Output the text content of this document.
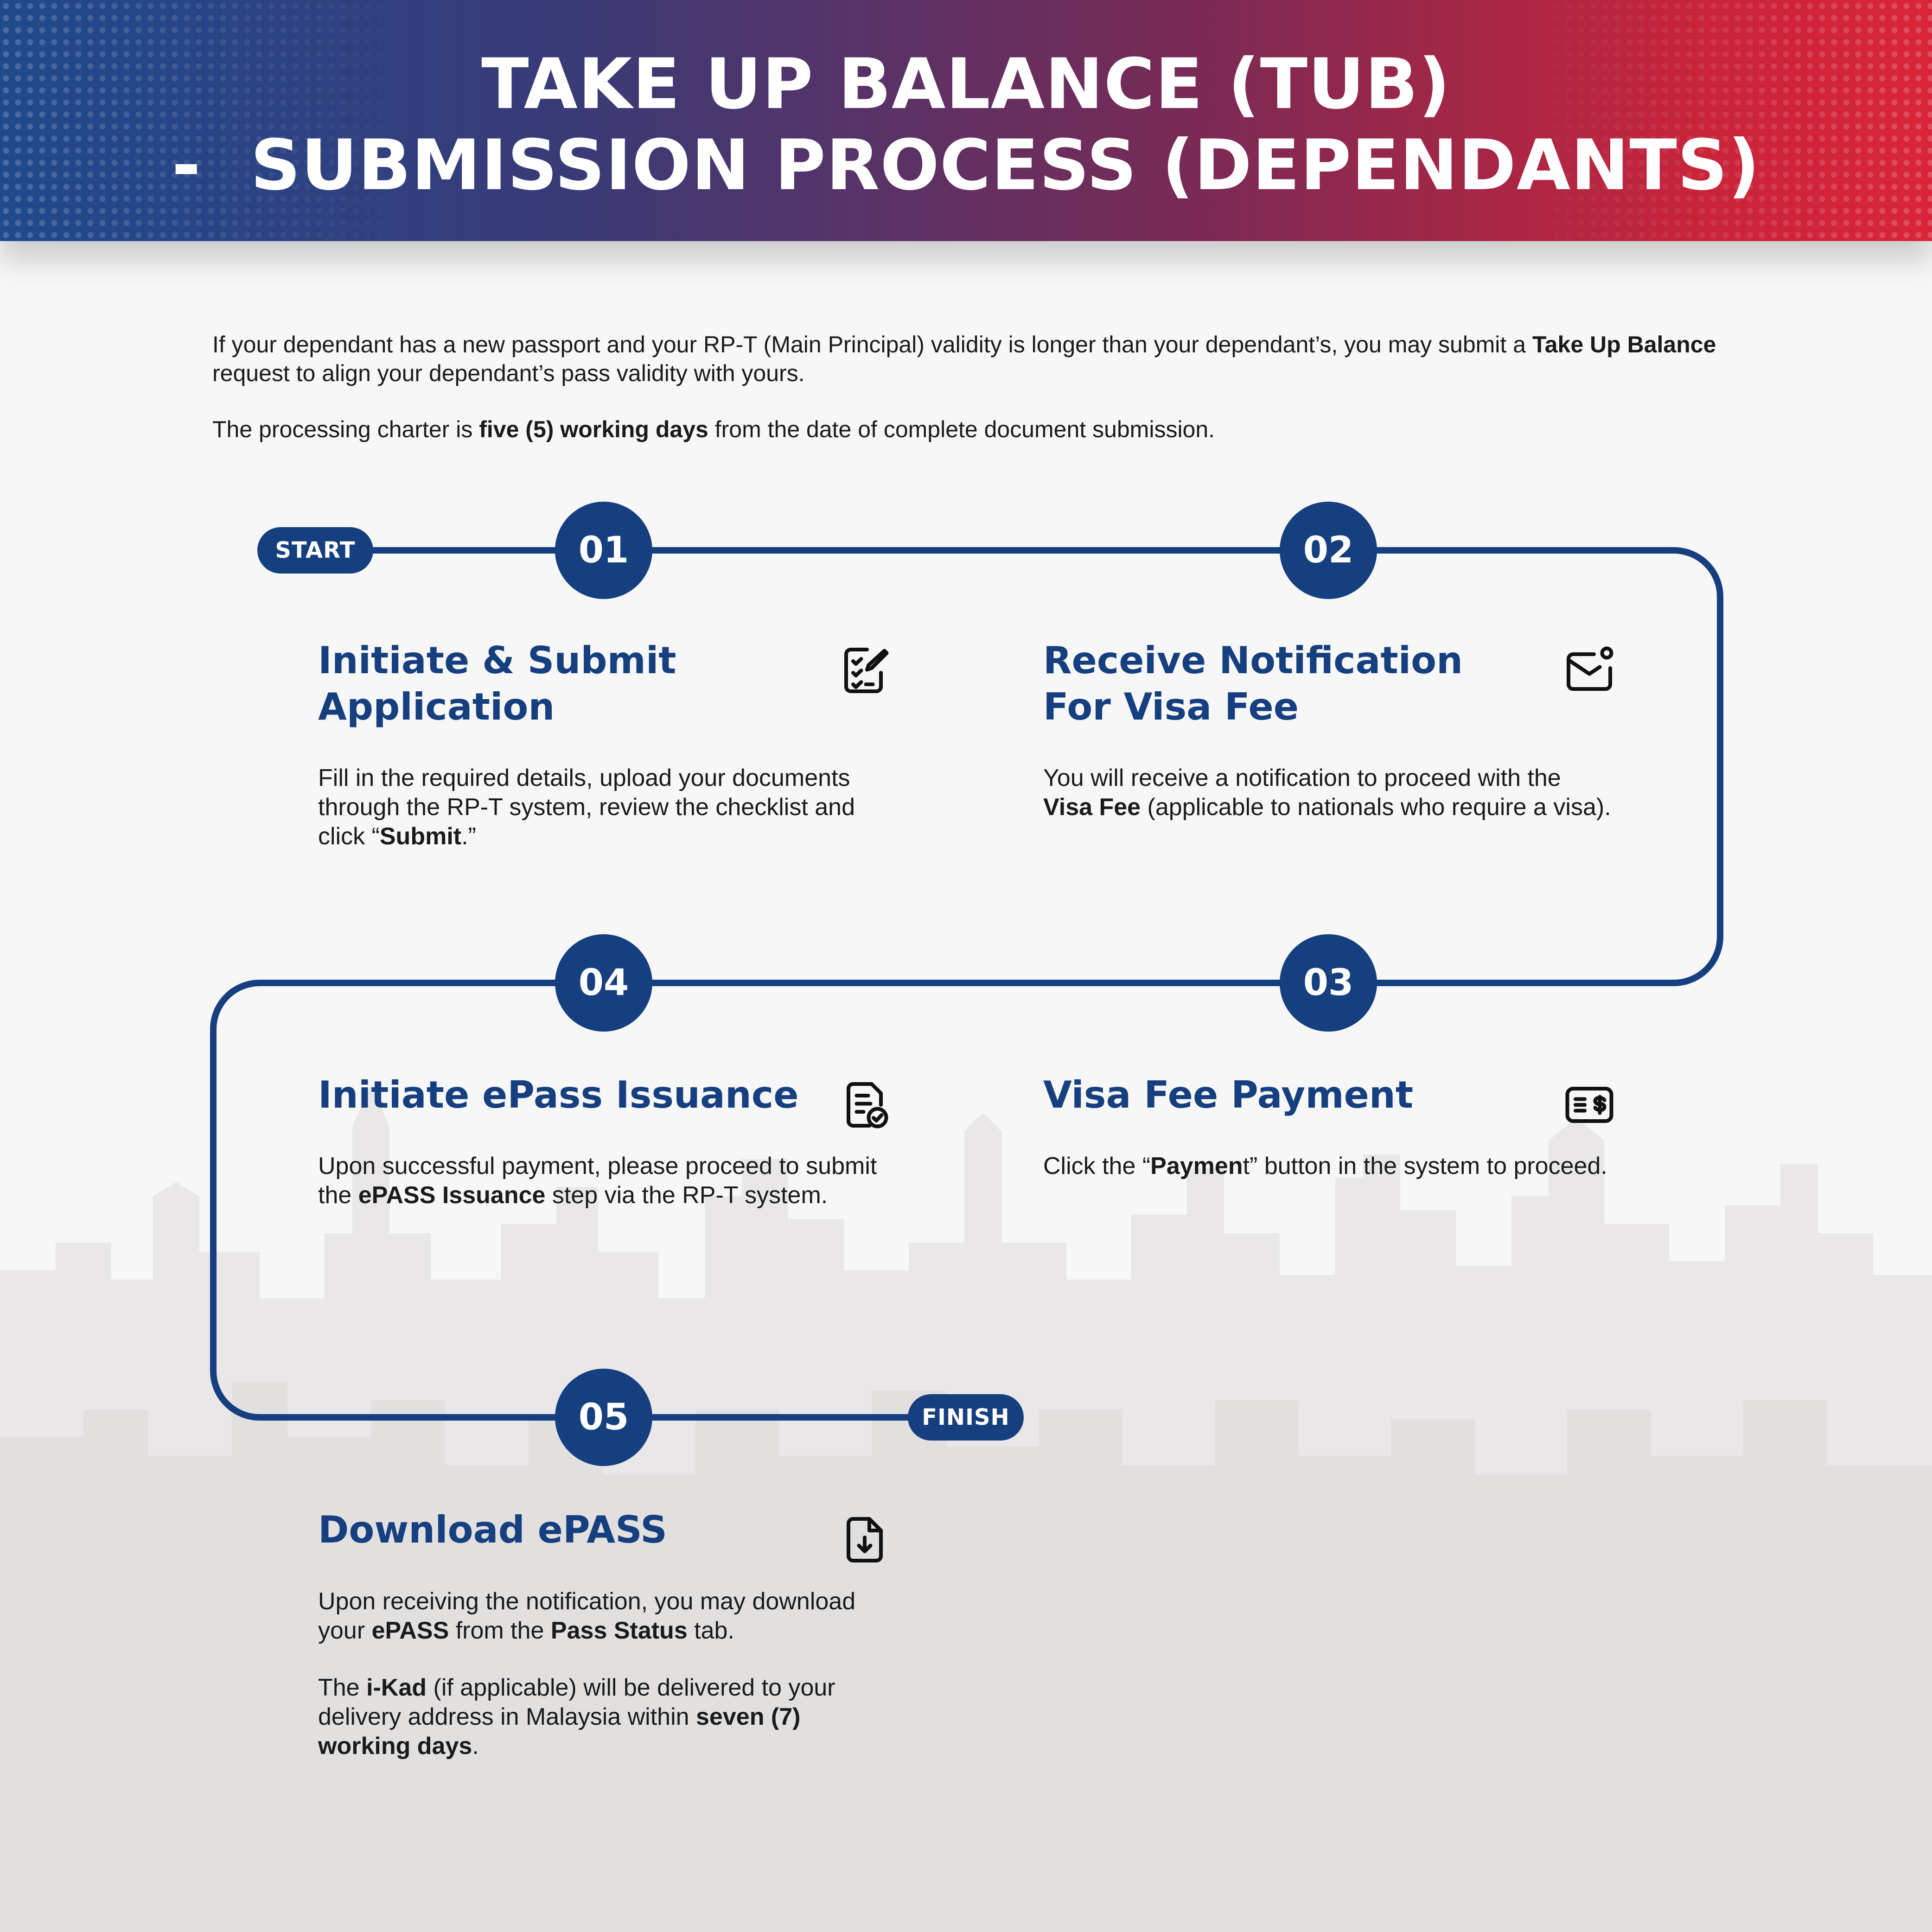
TAKE UP BALANCE (TUB)
-  SUBMISSION PROCESS (DEPENDANTS)
If your dependant has a new passport and your RP-T (Main Principal) validity is longer than your dependant’s, you may submit a Take Up Balance request to align your dependant’s pass validity with yours.
The processing charter is five (5) working days from the date of complete document submission.
START
FINISH
01	02
03
04
05
Initiate & Submit
Application
Fill in the required details, upload your documents through the RP-T system, review the checklist and click “Submit.”
Receive Notification
For Visa Fee
You will receive a notification to proceed with the Visa Fee (applicable to nationals who require a visa).
Visa Fee Payment
Click the “Payment” button in the system to proceed.
Initiate ePass Issuance
Upon successful payment, please proceed to submit the ePASS Issuance step via the RP-T system.
Download ePASS
Upon receiving the notification, you may download your ePASS from the Pass Status tab.
The i-Kad (if applicable) will be delivered to your delivery address in Malaysia within seven (7) working days.
